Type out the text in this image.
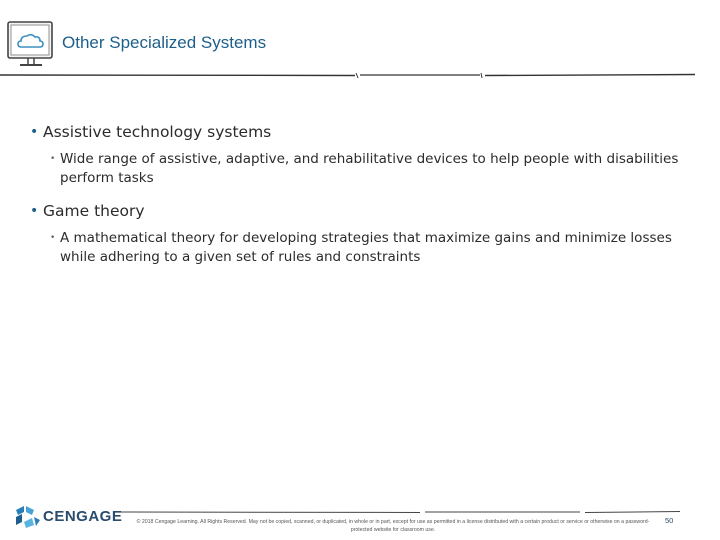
Other Specialized Systems
• Assistive technology systems
• Wide range of assistive, adaptive, and rehabilitative devices to help people with disabilities perform tasks
• Game theory
• A mathematical theory for developing strategies that maximize gains and minimize losses while adhering to a given set of rules and constraints
CENGAGE	© 2018 Cengage Learning. All Rights Reserved. May not be copied, scanned, or duplicated, in whole or in part, except for use as permitted in a license distributed with a certain product or service or otherwise on a password-protected website for classroom use.
50
